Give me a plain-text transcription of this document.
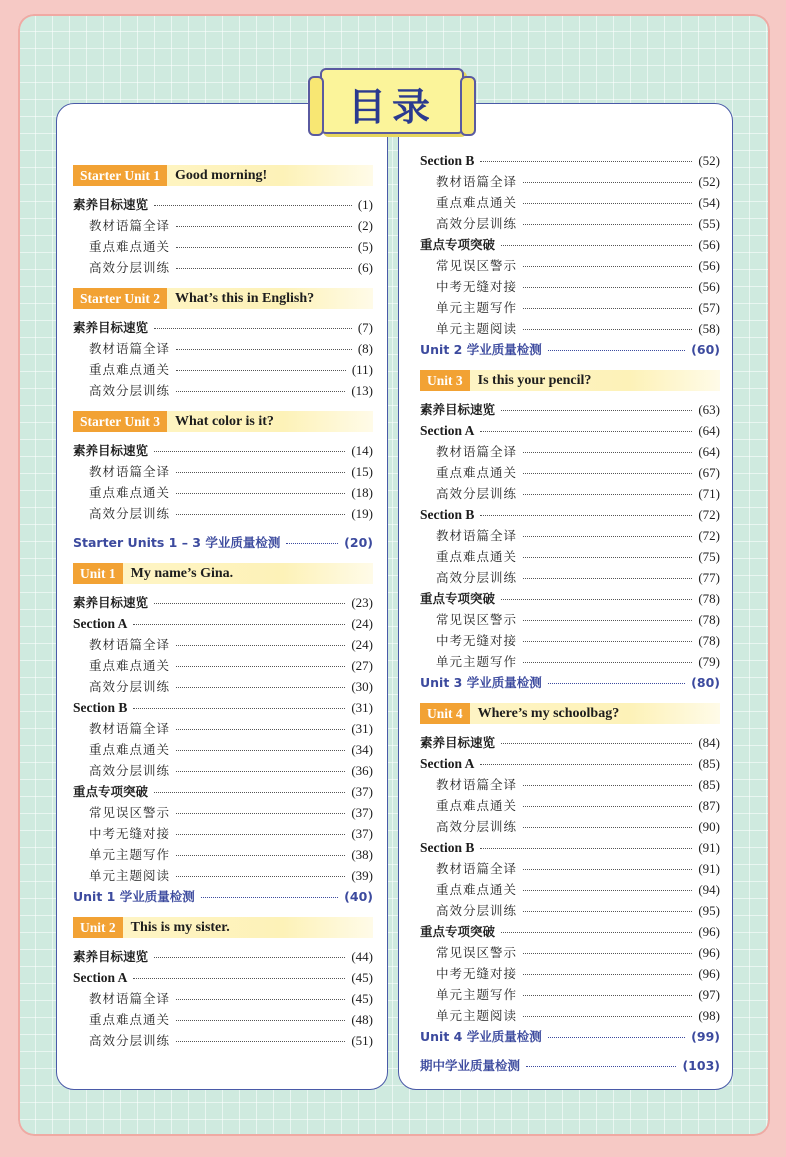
目录
Starter Unit 1	Good morning!
素养目标速览	(1)
教材语篇全译	(2)
重点难点通关	(5)
高效分层训练	(6)
Starter Unit 2	What’s this in English?
素养目标速览	(7)
教材语篇全译	(8)
重点难点通关	(11)
高效分层训练	(13)
Starter Unit 3	What color is it?
素养目标速览	(14)
教材语篇全译	(15)
重点难点通关	(18)
高效分层训练	(19)
Starter Units 1 – 3 学业质量检测	(20)
Unit 1	My name’s Gina.
素养目标速览	(23)
Section A	(24)
教材语篇全译	(24)
重点难点通关	(27)
高效分层训练	(30)
Section B	(31)
教材语篇全译	(31)
重点难点通关	(34)
高效分层训练	(36)
重点专项突破	(37)
常见误区警示	(37)
中考无缝对接	(37)
单元主题写作	(38)
单元主题阅读	(39)
Unit 1 学业质量检测	(40)
Unit 2	This is my sister.
素养目标速览	(44)
Section A	(45)
教材语篇全译	(45)
重点难点通关	(48)
高效分层训练	(51)
Section B	(52)
教材语篇全译	(52)
重点难点通关	(54)
高效分层训练	(55)
重点专项突破	(56)
常见误区警示	(56)
中考无缝对接	(56)
单元主题写作	(57)
单元主题阅读	(58)
Unit 2 学业质量检测	(60)
Unit 3	Is this your pencil?
素养目标速览	(63)
Section A	(64)
教材语篇全译	(64)
重点难点通关	(67)
高效分层训练	(71)
Section B	(72)
教材语篇全译	(72)
重点难点通关	(75)
高效分层训练	(77)
重点专项突破	(78)
常见误区警示	(78)
中考无缝对接	(78)
单元主题写作	(79)
Unit 3 学业质量检测	(80)
Unit 4	Where’s my schoolbag?
素养目标速览	(84)
Section A	(85)
教材语篇全译	(85)
重点难点通关	(87)
高效分层训练	(90)
Section B	(91)
教材语篇全译	(91)
重点难点通关	(94)
高效分层训练	(95)
重点专项突破	(96)
常见误区警示	(96)
中考无缝对接	(96)
单元主题写作	(97)
单元主题阅读	(98)
Unit 4 学业质量检测	(99)
期中学业质量检测	(103)
